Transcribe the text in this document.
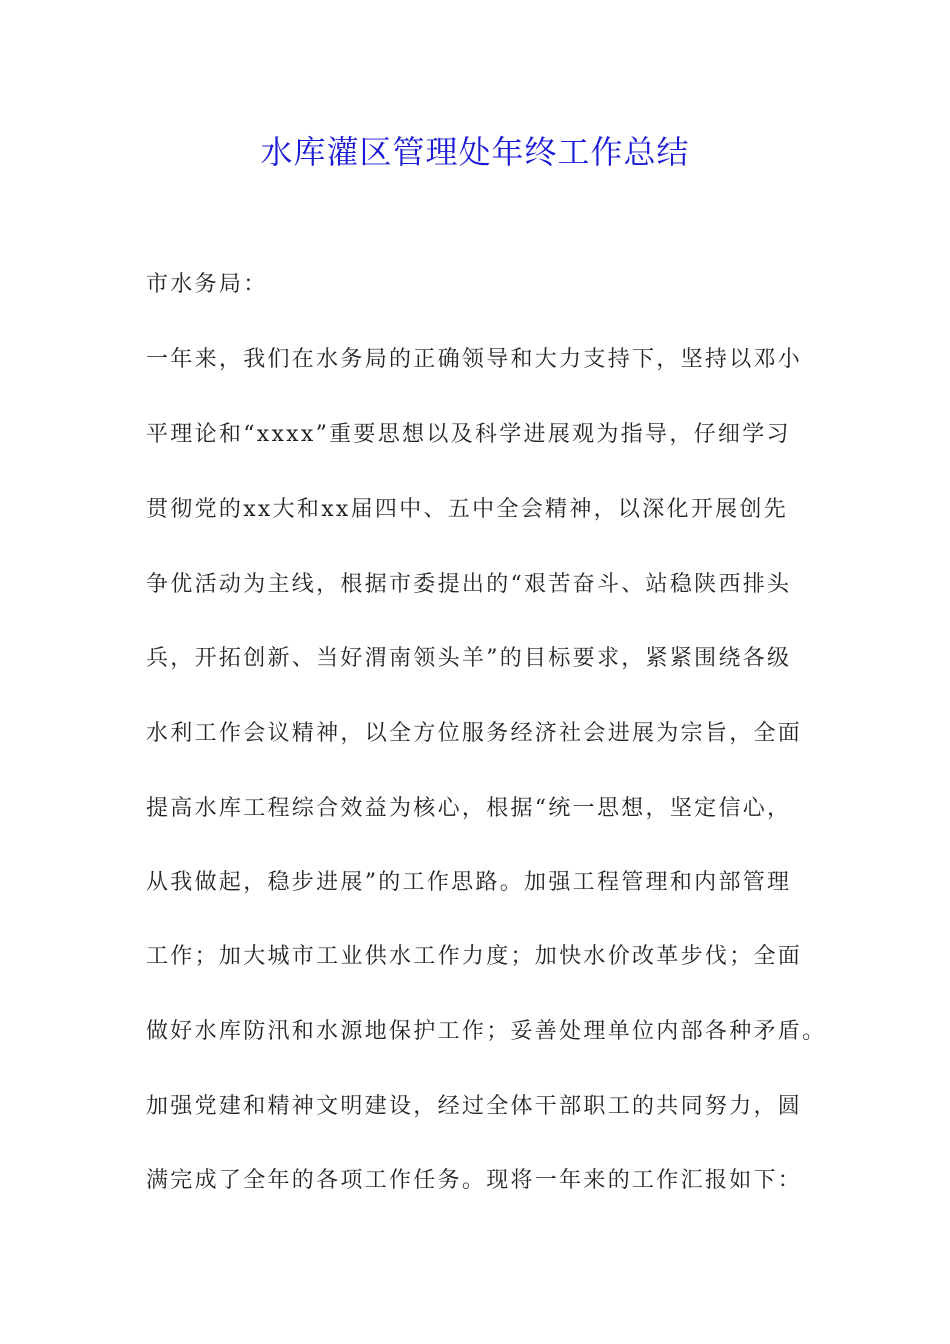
水库灌区管理处年终工作总结

市水务局：

一年来，我们在水务局的正确领导和大力支持下，坚持以邓小

平理论和“xxxx”重要思想以及科学进展观为指导，仔细学习

贯彻党的xx大和xx届四中、五中全会精神，以深化开展创先

争优活动为主线，根据市委提出的“艰苦奋斗、站稳陕西排头

兵，开拓创新、当好渭南领头羊”的目标要求，紧紧围绕各级

水利工作会议精神，以全方位服务经济社会进展为宗旨，全面

提高水库工程综合效益为核心，根据“统一思想，坚定信心，

从我做起，稳步进展”的工作思路。加强工程管理和内部管理

工作；加大城市工业供水工作力度；加快水价改革步伐；全面

做好水库防汛和水源地保护工作；妥善处理单位内部各种矛盾。

加强党建和精神文明建设，经过全体干部职工的共同努力，圆

满完成了全年的各项工作任务。现将一年来的工作汇报如下：
